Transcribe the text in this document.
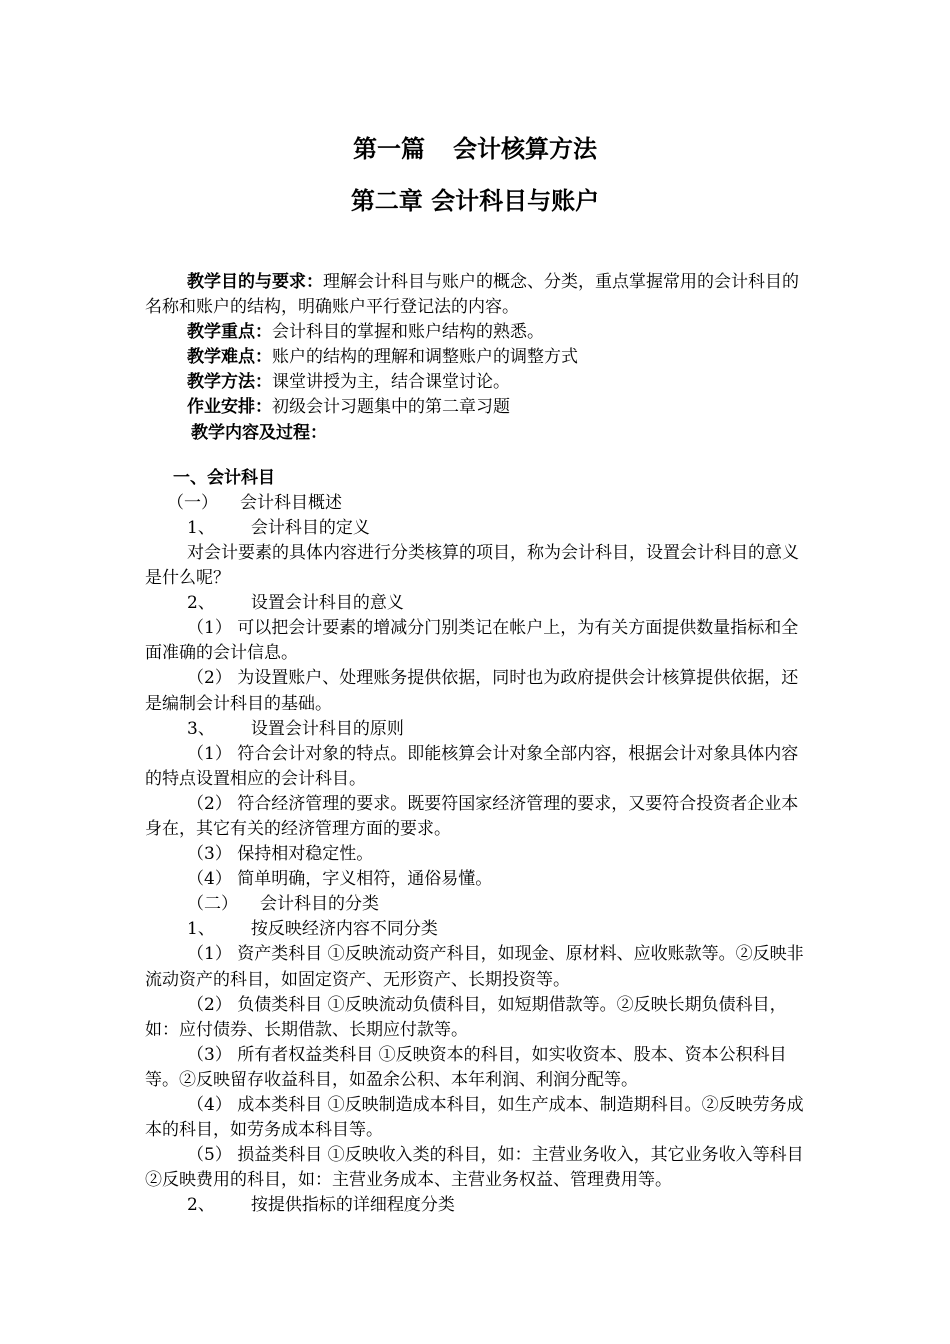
第一篇 会计核算方法
第二章 会计科目与账户

教学目的与要求：理解会计科目与账户的概念、分类，重点掌握常用的会计科目的名称和账户的结构，明确账户平行登记法的内容。

教学重点：会计科目的掌握和账户结构的熟悉。

教学难点：账户的结构的理解和调整账户的调整方式

教学方法：课堂讲授为主，结合课堂讨论。

作业安排：初级会计习题集中的第二章习题

教学内容及过程：

一、会计科目

（一） 会计科目概述

1、 会计科目的定义

对会计要素的具体内容进行分类核算的项目，称为会计科目，设置会计科目的意义是什么呢？

2、 设置会计科目的意义

（1） 可以把会计要素的增减分门别类记在帐户上，为有关方面提供数量指标和全面准确的会计信息。

（2） 为设置账户、处理账务提供依据，同时也为政府提供会计核算提供依据，还是编制会计科目的基础。

3、 设置会计科目的原则

（1） 符合会计对象的特点。即能核算会计对象全部内容，根据会计对象具体内容的特点设置相应的会计科目。

（2） 符合经济管理的要求。既要符国家经济管理的要求，又要符合投资者企业本身在，其它有关的经济管理方面的要求。

（3） 保持相对稳定性。

（4） 简单明确，字义相符，通俗易懂。

（二） 会计科目的分类

1、 按反映经济内容不同分类

（1） 资产类科目 ①反映流动资产科目，如现金、原材料、应收账款等。②反映非流动资产的科目，如固定资产、无形资产、长期投资等。

（2） 负债类科目 ①反映流动负债科目，如短期借款等。②反映长期负债科目，如：应付债券、长期借款、长期应付款等。

（3） 所有者权益类科目 ①反映资本的科目，如实收资本、股本、资本公积科目等。②反映留存收益科目，如盈余公积、本年利润、利润分配等。

（4） 成本类科目 ①反映制造成本科目，如生产成本、制造期科目。②反映劳务成本的科目，如劳务成本科目等。

（5） 损益类科目 ①反映收入类的科目，如：主营业务收入，其它业务收入等科目②反映费用的科目，如：主营业务成本、主营业务权益、管理费用等。

2、 按提供指标的详细程度分类
